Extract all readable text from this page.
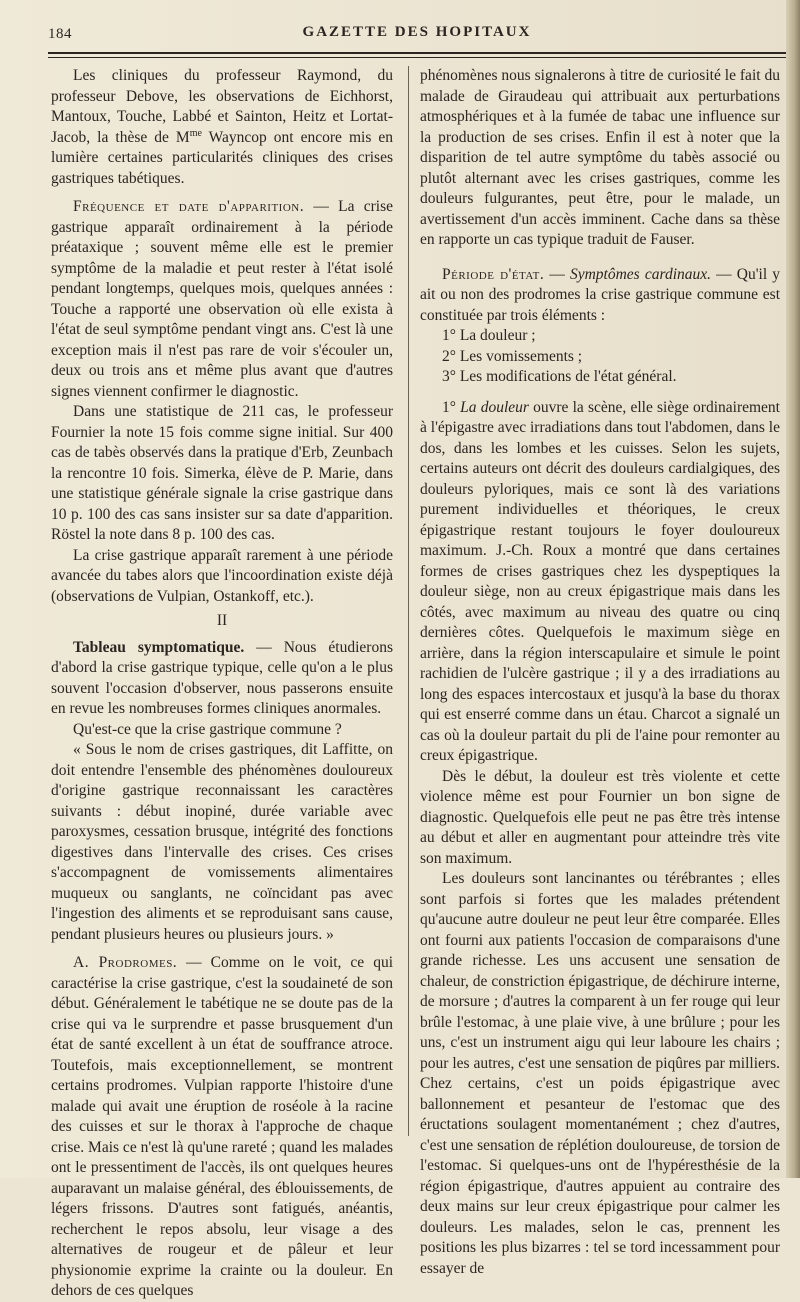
184	GAZETTE DES HOPITAUX

Les cliniques du professeur Raymond, du professeur Debove, les observations de Eichhorst, Mantoux, Touche, Labbé et Sainton, Heitz et Lortat-Jacob, la thèse de $M^{me}$ Wayncop ont encore mis en lumière certaines particularités cliniques des crises gastriques tabétiques.

Fréquence et date d'apparition. — La crise gastrique apparaît ordinairement à la période préataxique ; souvent même elle est le premier symptôme de la maladie et peut rester à l'état isolé pendant longtemps, quelques mois, quelques années : Touche a rapporté une observation où elle exista à l'état de seul symptôme pendant vingt ans. C'est là une exception mais il n'est pas rare de voir s'écouler un, deux ou trois ans et même plus avant que d'autres signes viennent confirmer le diagnostic.

Dans une statistique de 211 cas, le professeur Fournier la note 15 fois comme signe initial. Sur 400 cas de tabès observés dans la pratique d'Erb, Zeunbach la rencontre 10 fois. Simerka, élève de P. Marie, dans une statistique générale signale la crise gastrique dans 10 p. 100 des cas sans insister sur sa date d'apparition. Röstel la note dans 8 p. 100 des cas.

La crise gastrique apparaît rarement à une période avancée du tabes alors que l'incoordination existe déjà (observations de Vulpian, Ostankoff, etc.).

II

Tableau symptomatique. — Nous étudierons d'abord la crise gastrique typique, celle qu'on a le plus souvent l'occasion d'observer, nous passerons ensuite en revue les nombreuses formes cliniques anormales.

Qu'est-ce que la crise gastrique commune ?

« Sous le nom de crises gastriques, dit Laffitte, on doit entendre l'ensemble des phénomènes douloureux d'origine gastrique reconnaissant les caractères suivants : début inopiné, durée variable avec paroxysmes, cessation brusque, intégrité des fonctions digestives dans l'intervalle des crises. Ces crises s'accompagnent de vomissements alimentaires muqueux ou sanglants, ne coïncidant pas avec l'ingestion des aliments et se reproduisant sans cause, pendant plusieurs heures ou plusieurs jours. »

A. Prodromes. — Comme on le voit, ce qui caractérise la crise gastrique, c'est la soudaineté de son début. Généralement le tabétique ne se doute pas de la crise qui va le surprendre et passe brusquement d'un état de santé excellent à un état de souffrance atroce. Toutefois, mais exceptionnellement, se montrent certains prodromes. Vulpian rapporte l'histoire d'une malade qui avait une éruption de roséole à la racine des cuisses et sur le thorax à l'approche de chaque crise. Mais ce n'est là qu'une rareté ; quand les malades ont le pressentiment de l'accès, ils ont quelques heures auparavant un malaise général, des éblouissements, de légers frissons. D'autres sont fatigués, anéantis, recherchent le repos absolu, leur visage a des alternatives de rougeur et de pâleur et leur physionomie exprime la crainte ou la douleur. En dehors de ces quelques

phénomènes nous signalerons à titre de curiosité le fait du malade de Giraudeau qui attribuait aux perturbations atmosphériques et à la fumée de tabac une influence sur la production de ses crises. Enfin il est à noter que la disparition de tel autre symptôme du tabès associé ou plutôt alternant avec les crises gastriques, comme les douleurs fulgurantes, peut être, pour le malade, un avertissement d'un accès imminent. Cache dans sa thèse en rapporte un cas typique traduit de Fauser.

Période d'état. — Symptômes cardinaux. — Qu'il y ait ou non des prodromes la crise gastrique commune est constituée par trois éléments :

1° La douleur ;

2° Les vomissements ;

3° Les modifications de l'état général.

1° La douleur ouvre la scène, elle siège ordinairement à l'épigastre avec irradiations dans tout l'abdomen, dans le dos, dans les lombes et les cuisses. Selon les sujets, certains auteurs ont décrit des douleurs cardialgiques, des douleurs pyloriques, mais ce sont là des variations purement individuelles et théoriques, le creux épigastrique restant toujours le foyer douloureux maximum. J.-Ch. Roux a montré que dans certaines formes de crises gastriques chez les dyspeptiques la douleur siège, non au creux épigastrique mais dans les côtés, avec maximum au niveau des quatre ou cinq dernières côtes. Quelquefois le maximum siège en arrière, dans la région interscapulaire et simule le point rachidien de l'ulcère gastrique ; il y a des irradiations au long des espaces intercostaux et jusqu'à la base du thorax qui est enserré comme dans un étau. Charcot a signalé un cas où la douleur partait du pli de l'aine pour remonter au creux épigastrique.

Dès le début, la douleur est très violente et cette violence même est pour Fournier un bon signe de diagnostic. Quelquefois elle peut ne pas être très intense au début et aller en augmentant pour atteindre très vite son maximum.

Les douleurs sont lancinantes ou térébrantes ; elles sont parfois si fortes que les malades prétendent qu'aucune autre douleur ne peut leur être comparée. Elles ont fourni aux patients l'occasion de comparaisons d'une grande richesse. Les uns accusent une sensation de chaleur, de constriction épigastrique, de déchirure interne, de morsure ; d'autres la comparent à un fer rouge qui leur brûle l'estomac, à une plaie vive, à une brûlure ; pour les uns, c'est un instrument aigu qui leur laboure les chairs ; pour les autres, c'est une sensation de piqûres par milliers. Chez certains, c'est un poids épigastrique avec ballonnement et pesanteur de l'estomac que des éructations soulagent momentanément ; chez d'autres, c'est une sensation de réplétion douloureuse, de torsion de l'estomac. Si quelques-uns ont de l'hypéresthésie de la région épigastrique, d'autres appuient au contraire des deux mains sur leur creux épigastrique pour calmer les douleurs. Les malades, selon le cas, prennent les positions les plus bizarres : tel se tord incessamment pour essayer de
